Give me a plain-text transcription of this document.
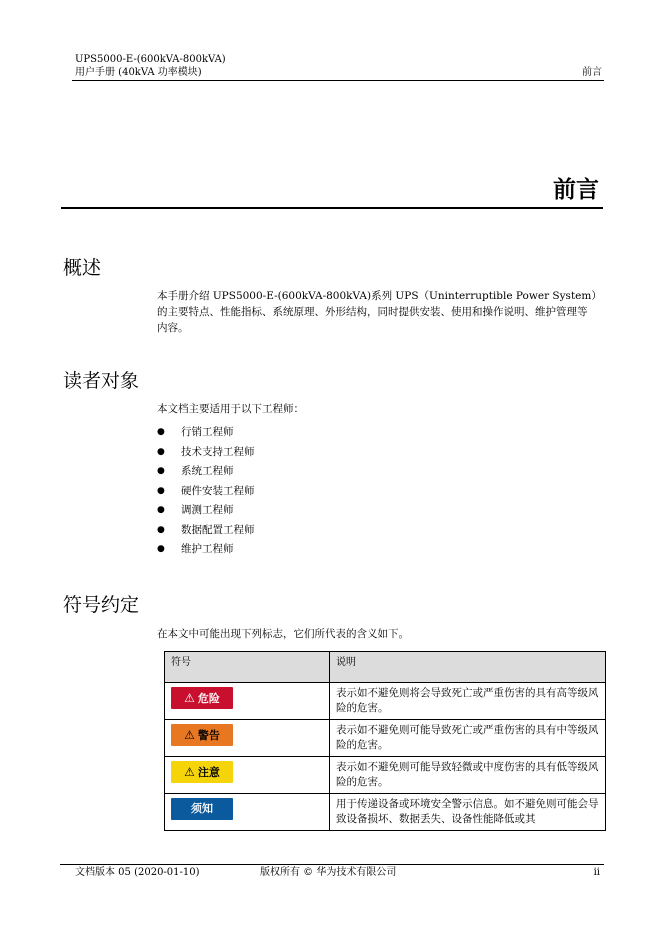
UPS5000-E-(600kVA-800kVA)
用户手册 (40kVA 功率模块)	前言
前言
概述
本手册介绍 UPS5000-E-(600kVA-800kVA)系列 UPS（Uninterruptible Power System）的主要特点、性能指标、系统原理、外形结构，同时提供安装、使用和操作说明、维护管理等内容。
读者对象
本文档主要适用于以下工程师：
● 行销工程师
● 技术支持工程师
● 系统工程师
● 硬件安装工程师
● 调测工程师
● 数据配置工程师
● 维护工程师
符号约定
在本文中可能出现下列标志，它们所代表的含义如下。
符号	说明

⚠ 危险	表示如不避免则将会导致死亡或严重伤害的具有高等级风险的危害。

⚠ 警告	表示如不避免则可能导致死亡或严重伤害的具有中等级风险的危害。

⚠ 注意	表示如不避免则可能导致轻微或中度伤害的具有低等级风险的危害。

须知	用于传递设备或环境安全警示信息。如不避免则可能会导致设备损坏、数据丢失、设备性能降低或其
文档版本 05 (2020-01-10)	版权所有 © 华为技术有限公司	ii
